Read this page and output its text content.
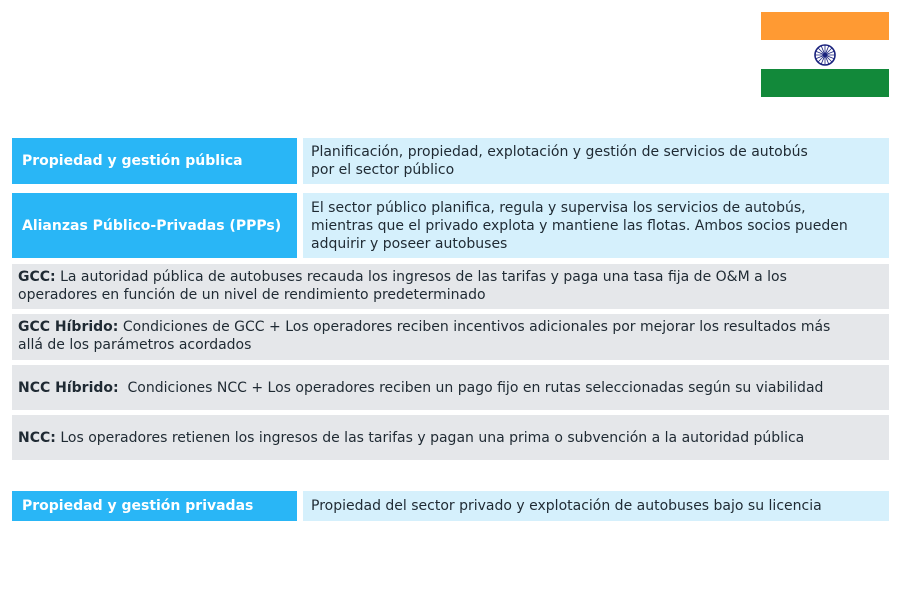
Propiedad y gestión pública
Planificación, propiedad, explotación y gestión de servicios de autobús
por el sector público
Alianzas Público-Privadas (PPPs)
El sector público planifica, regula y supervisa los servicios de autobús,
mientras que el privado explota y mantiene las flotas. Ambos socios pueden
adquirir y poseer autobuses
GCC: La autoridad pública de autobuses recauda los ingresos de las tarifas y paga una tasa fija de O&M a los
operadores en función de un nivel de rendimiento predeterminado
GCC Híbrido: Condiciones de GCC + Los operadores reciben incentivos adicionales por mejorar los resultados más
allá de los parámetros acordados
NCC Híbrido:  Condiciones NCC + Los operadores reciben un pago fijo en rutas seleccionadas según su viabilidad
NCC: Los operadores retienen los ingresos de las tarifas y pagan una prima o subvención a la autoridad pública
Propiedad y gestión privadas	Propiedad del sector privado y explotación de autobuses bajo su licencia
